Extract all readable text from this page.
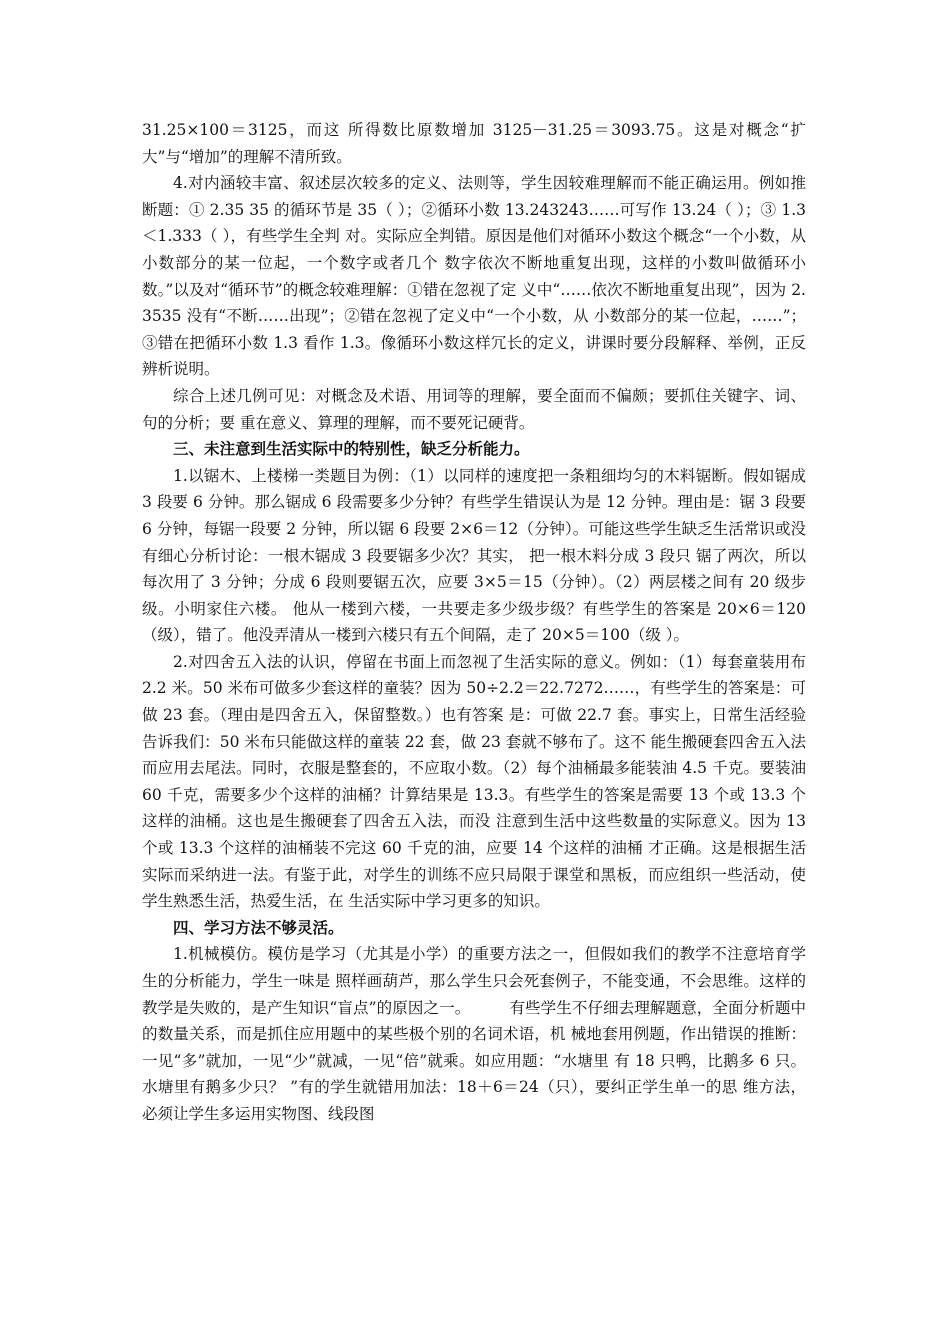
31.25×100＝3125，而这 所得数比原数增加 3125－31.25＝3093.75。这是对概念“扩大”与“增加”的理解不清所致。

4.对内涵较丰富、叙述层次较多的定义、法则等，学生因较难理解而不能正确运用。例如推断题：① 2.35 35 的循环节是 35（ ）；②循环小数 13.243243……可写作 13.24（ ）；③ 1.3＜1.333（ ），有些学生全判 对。实际应全判错。原因是他们对循环小数这个概念“一个小数，从小数部分的某一位起，一个数字或者几个 数字依次不断地重复出现，这样的小数叫做循环小数。”以及对“循环节”的概念较难理解：①错在忽视了定 义中“……依次不断地重复出现”，因为 2.3535 没有“不断……出现”；②错在忽视了定义中“一个小数，从 小数部分的某一位起，……”；③错在把循环小数 1.3 看作 1.3。像循环小数这样冗长的定义，讲课时要分段解释、举例，正反辨析说明。

综合上述几例可见：对概念及术语、用词等的理解，要全面而不偏颇；要抓住关键字、词、句的分析；要 重在意义、算理的理解，而不要死记硬背。

三、未注意到生活实际中的特别性，缺乏分析能力。

1.以锯木、上楼梯一类题目为例：（1）以同样的速度把一条粗细均匀的木料锯断。假如锯成 3 段要 6 分钟。那么锯成 6 段需要多少分钟？有些学生错误认为是 12 分钟。理由是：锯 3 段要 6 分钟，每锯一段要 2 分钟，所以锯 6 段要 2×6＝12（分钟）。可能这些学生缺乏生活常识或没有细心分析讨论：一根木锯成 3 段要锯多少次？其实， 把一根木料分成 3 段只 锯了两次，所以每次用了 3 分钟；分成 6 段则要锯五次，应要 3×5＝15（分钟）。（2）两层楼之间有 20 级步级。小明家住六楼。 他从一楼到六楼，一共要走多少级步级？有些学生的答案是 20×6＝120（级），错了。他没弄清从一楼到六楼只有五个间隔，走了 20×5＝100（级 ）。

2.对四舍五入法的认识，停留在书面上而忽视了生活实际的意义。例如：（1）每套童装用布 2.2 米。50 米布可做多少套这样的童装？因为 50÷2.2＝22.7272……，有些学生的答案是：可做 23 套。（理由是四舍五入，保留整数。）也有答案 是：可做 22.7 套。事实上，日常生活经验告诉我们：50 米布只能做这样的童装 22 套，做 23 套就不够布了。这不 能生搬硬套四舍五入法而应用去尾法。同时，衣服是整套的，不应取小数。（2）每个油桶最多能装油 4.5 千克。要装油 60 千克，需要多少个这样的油桶？计算结果是 13.3。有些学生的答案是需要 13 个或 13.3 个这样的油桶。这也是生搬硬套了四舍五入法，而没 注意到生活中这些数量的实际意义。因为 13 个或 13.3 个这样的油桶装不完这 60 千克的油，应要 14 个这样的油桶 才正确。这是根据生活实际而采纳进一法。有鉴于此，对学生的训练不应只局限于课堂和黑板，而应组织一些活动，使学生熟悉生活，热爱生活，在 生活实际中学习更多的知识。

四、学习方法不够灵活。

1.机械模仿。模仿是学习（尤其是小学）的重要方法之一，但假如我们的教学不注意培育学生的分析能力，学生一味是 照样画葫芦，那么学生只会死套例子，不能变通，不会思维。这样的教学是失败的，是产生知识“盲点”的原因之一。　　　有些学生不仔细去理解题意，全面分析题中的数量关系，而是抓住应用题中的某些极个别的名词术语，机 械地套用例题，作出错误的推断：一见“多”就加，一见“少”就减，一见“倍”就乘。如应用题：“水塘里 有 18 只鸭，比鹅多 6 只。水塘里有鹅多少只？ ”有的学生就错用加法：18＋6＝24（只），要纠正学生单一的思 维方法， 必须让学生多运用实物图、线段图
